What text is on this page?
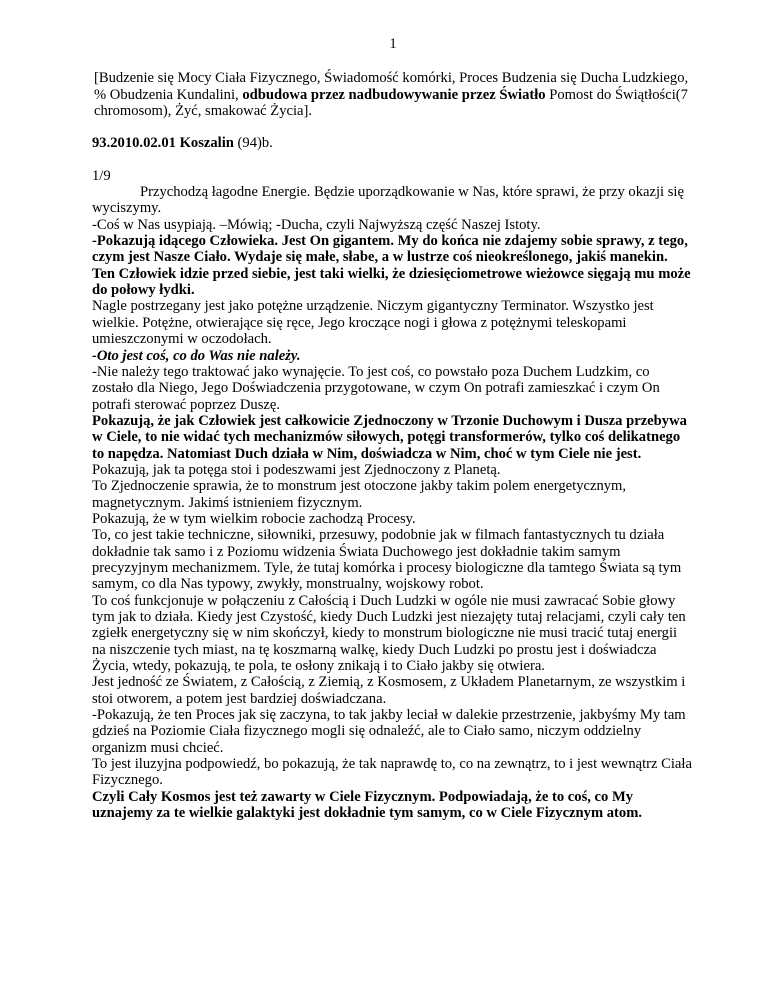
1

[Budzenie się Mocy Ciała Fizycznego, Świadomość komórki, Proces Budzenia się Ducha Ludzkiego, % Obudzenia Kundalini, odbudowa przez nadbudowywanie przez Światło Pomost do Świątłości(7 chromosom), Żyć, smakować Życia].

93.2010.02.01 Koszalin (94)b.

1/9

Przychodzą łagodne Energie. Będzie uporządkowanie w Nas, które sprawi, że przy okazji się wyciszymy.

-Coś w Nas usypiają. –Mówią; -Ducha, czyli Najwyższą część Naszej Istoty.

-Pokazują idącego Człowieka. Jest On gigantem. My do końca nie zdajemy sobie sprawy, z tego, czym jest Nasze Ciało. Wydaje się małe, słabe, a w lustrze coś nieokreślonego, jakiś manekin.

Ten Człowiek idzie przed siebie, jest taki wielki, że dziesięciometrowe wieżowce sięgają mu może do połowy łydki.

Nagle postrzegany jest jako potężne urządzenie. Niczym gigantyczny Terminator. Wszystko jest wielkie. Potężne, otwierające się ręce, Jego kroczące nogi i głowa z potężnymi teleskopami umieszczonymi w oczodołach.

-Oto jest coś, co do Was nie należy.

-Nie należy tego traktować jako wynajęcie. To jest coś, co powstało poza Duchem Ludzkim, co zostało dla Niego, Jego Doświadczenia przygotowane, w czym On potrafi zamieszkać i czym On potrafi sterować poprzez Duszę.

Pokazują, że jak Człowiek jest całkowicie Zjednoczony w Trzonie Duchowym i Dusza przebywa w Ciele, to nie widać tych mechanizmów siłowych, potęgi transformerów, tylko coś delikatnego to napędza. Natomiast Duch działa w Nim, doświadcza w Nim, choć w tym Ciele nie jest.

Pokazują, jak ta potęga stoi i podeszwami jest Zjednoczony z Planetą.

To Zjednoczenie sprawia, że to monstrum jest otoczone jakby takim polem energetycznym, magnetycznym. Jakimś istnieniem fizycznym.

Pokazują, że w tym wielkim robocie zachodzą Procesy.

To, co jest takie techniczne, siłowniki, przesuwy, podobnie jak w filmach fantastycznych tu działa dokładnie tak samo i z Poziomu widzenia Świata Duchowego jest dokładnie takim samym precyzyjnym mechanizmem. Tyle, że tutaj komórka i procesy biologiczne dla tamtego Świata są tym samym, co dla Nas typowy, zwykły, monstrualny, wojskowy robot.

To coś funkcjonuje w połączeniu z Całością i Duch Ludzki w ogóle nie musi zawracać Sobie głowy tym jak to działa. Kiedy jest Czystość, kiedy Duch Ludzki jest niezajęty tutaj relacjami, czyli cały ten zgiełk energetyczny się w nim skończył, kiedy to monstrum biologiczne nie musi tracić tutaj energii na niszczenie tych miast, na tę koszmarną walkę, kiedy Duch Ludzki po prostu jest i doświadcza Życia, wtedy, pokazują, te pola, te osłony znikają i to Ciało jakby się otwiera.

Jest jedność ze Światem, z Całością, z Ziemią, z Kosmosem, z Układem Planetarnym, ze wszystkim i stoi otworem, a potem jest bardziej doświadczana.

-Pokazują, że ten Proces jak się zaczyna, to tak jakby leciał w dalekie przestrzenie, jakbyśmy My tam gdzieś na Poziomie Ciała fizycznego mogli się odnaleźć, ale to Ciało samo, niczym oddzielny organizm musi chcieć.

To jest iluzyjna podpowiedź, bo pokazują, że tak naprawdę to, co na zewnątrz, to i jest wewnątrz Ciała Fizycznego.

Czyli Cały Kosmos jest też zawarty w Ciele Fizycznym. Podpowiadają, że to coś, co My uznajemy za te wielkie galaktyki jest dokładnie tym samym, co w Ciele Fizycznym atom.
